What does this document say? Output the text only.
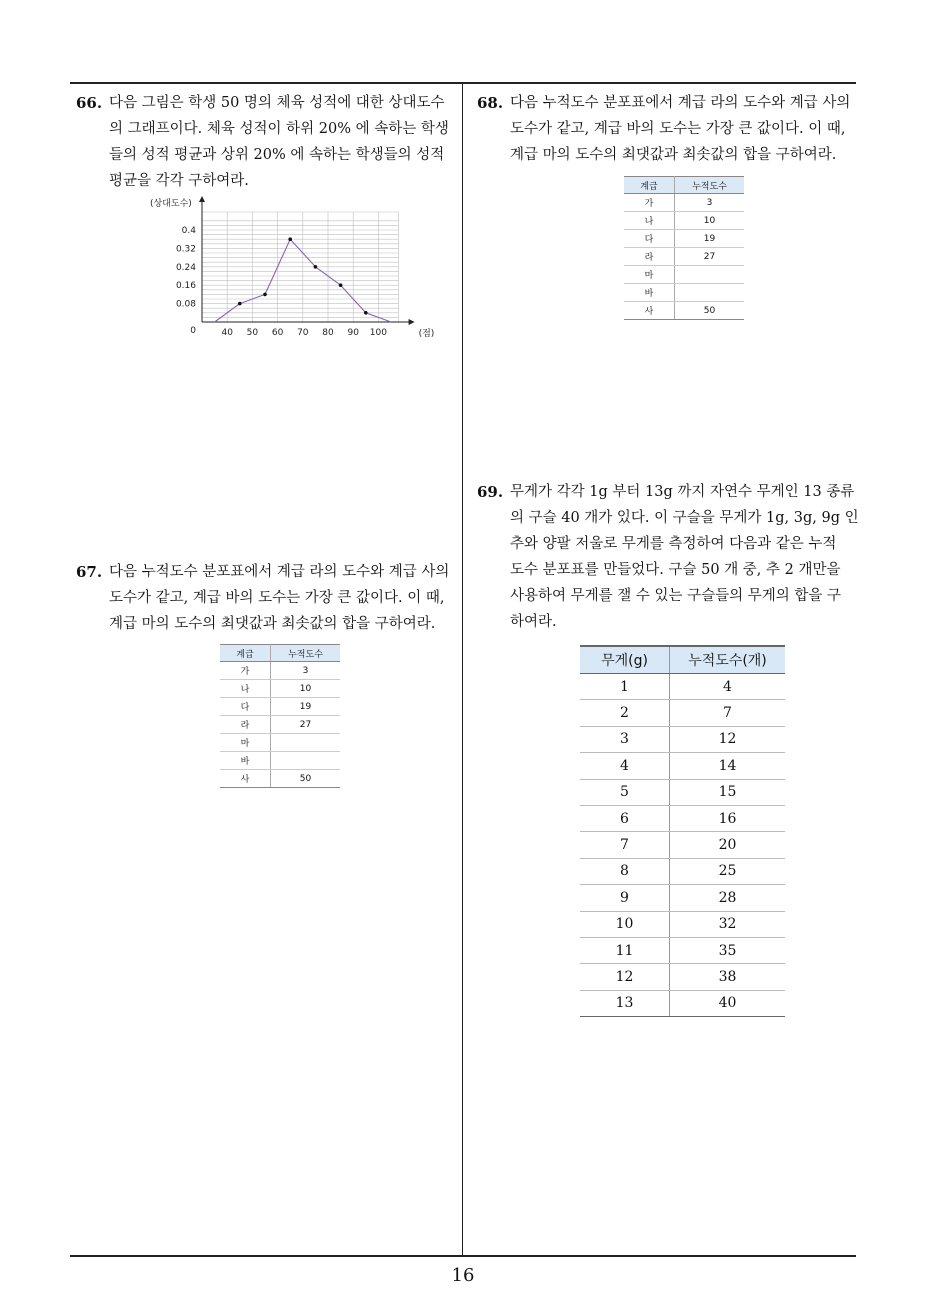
66. 다음 그림은 학생 50 명의 체육 성적에 대한 상대도수
의 그래프이다. 체육 성적이 하위 20% 에 속하는 학생
들의 성적 평균과 상위 20% 에 속하는 학생들의 성적
평균을 각각 구하여라.
0.4
0.32
0.24
0.16
0.08
40 50 60 70 80 90 100
0
(상대도수)
(점)
67. 다음 누적도수 분포표에서 계급 라의 도수와 계급 사의
도수가 같고, 계급 바의 도수는 가장 큰 값이다. 이 때,
계급 마의 도수의 최댓값과 최솟값의 합을 구하여라.
계급	누적도수
가	3
나	10
다	19
라	27
마	
바	
사	50
68. 다음 누적도수 분포표에서 계급 라의 도수와 계급 사의
도수가 같고, 계급 바의 도수는 가장 큰 값이다. 이 때,
계급 마의 도수의 최댓값과 최솟값의 합을 구하여라.
계급	누적도수
가	3
나	10
다	19
라	27
마	
바	
사	50
69. 무게가 각각 1g 부터 13g 까지 자연수 무게인 13 종류
의 구슬 40 개가 있다. 이 구슬을 무게가 1g, 3g, 9g 인
추와 양팔 저울로 무게를 측정하여 다음과 같은 누적
도수 분포표를 만들었다. 구슬 50 개 중, 추 2 개만을
사용하여 무게를 잴 수 있는 구슬들의 무게의 합을 구
하여라.
무게(g)	누적도수(개)
1	4
2	7
3	12
4	14
5	15
6	16
7	20
8	25
9	28
10	32
11	35
12	38
13	40
16
